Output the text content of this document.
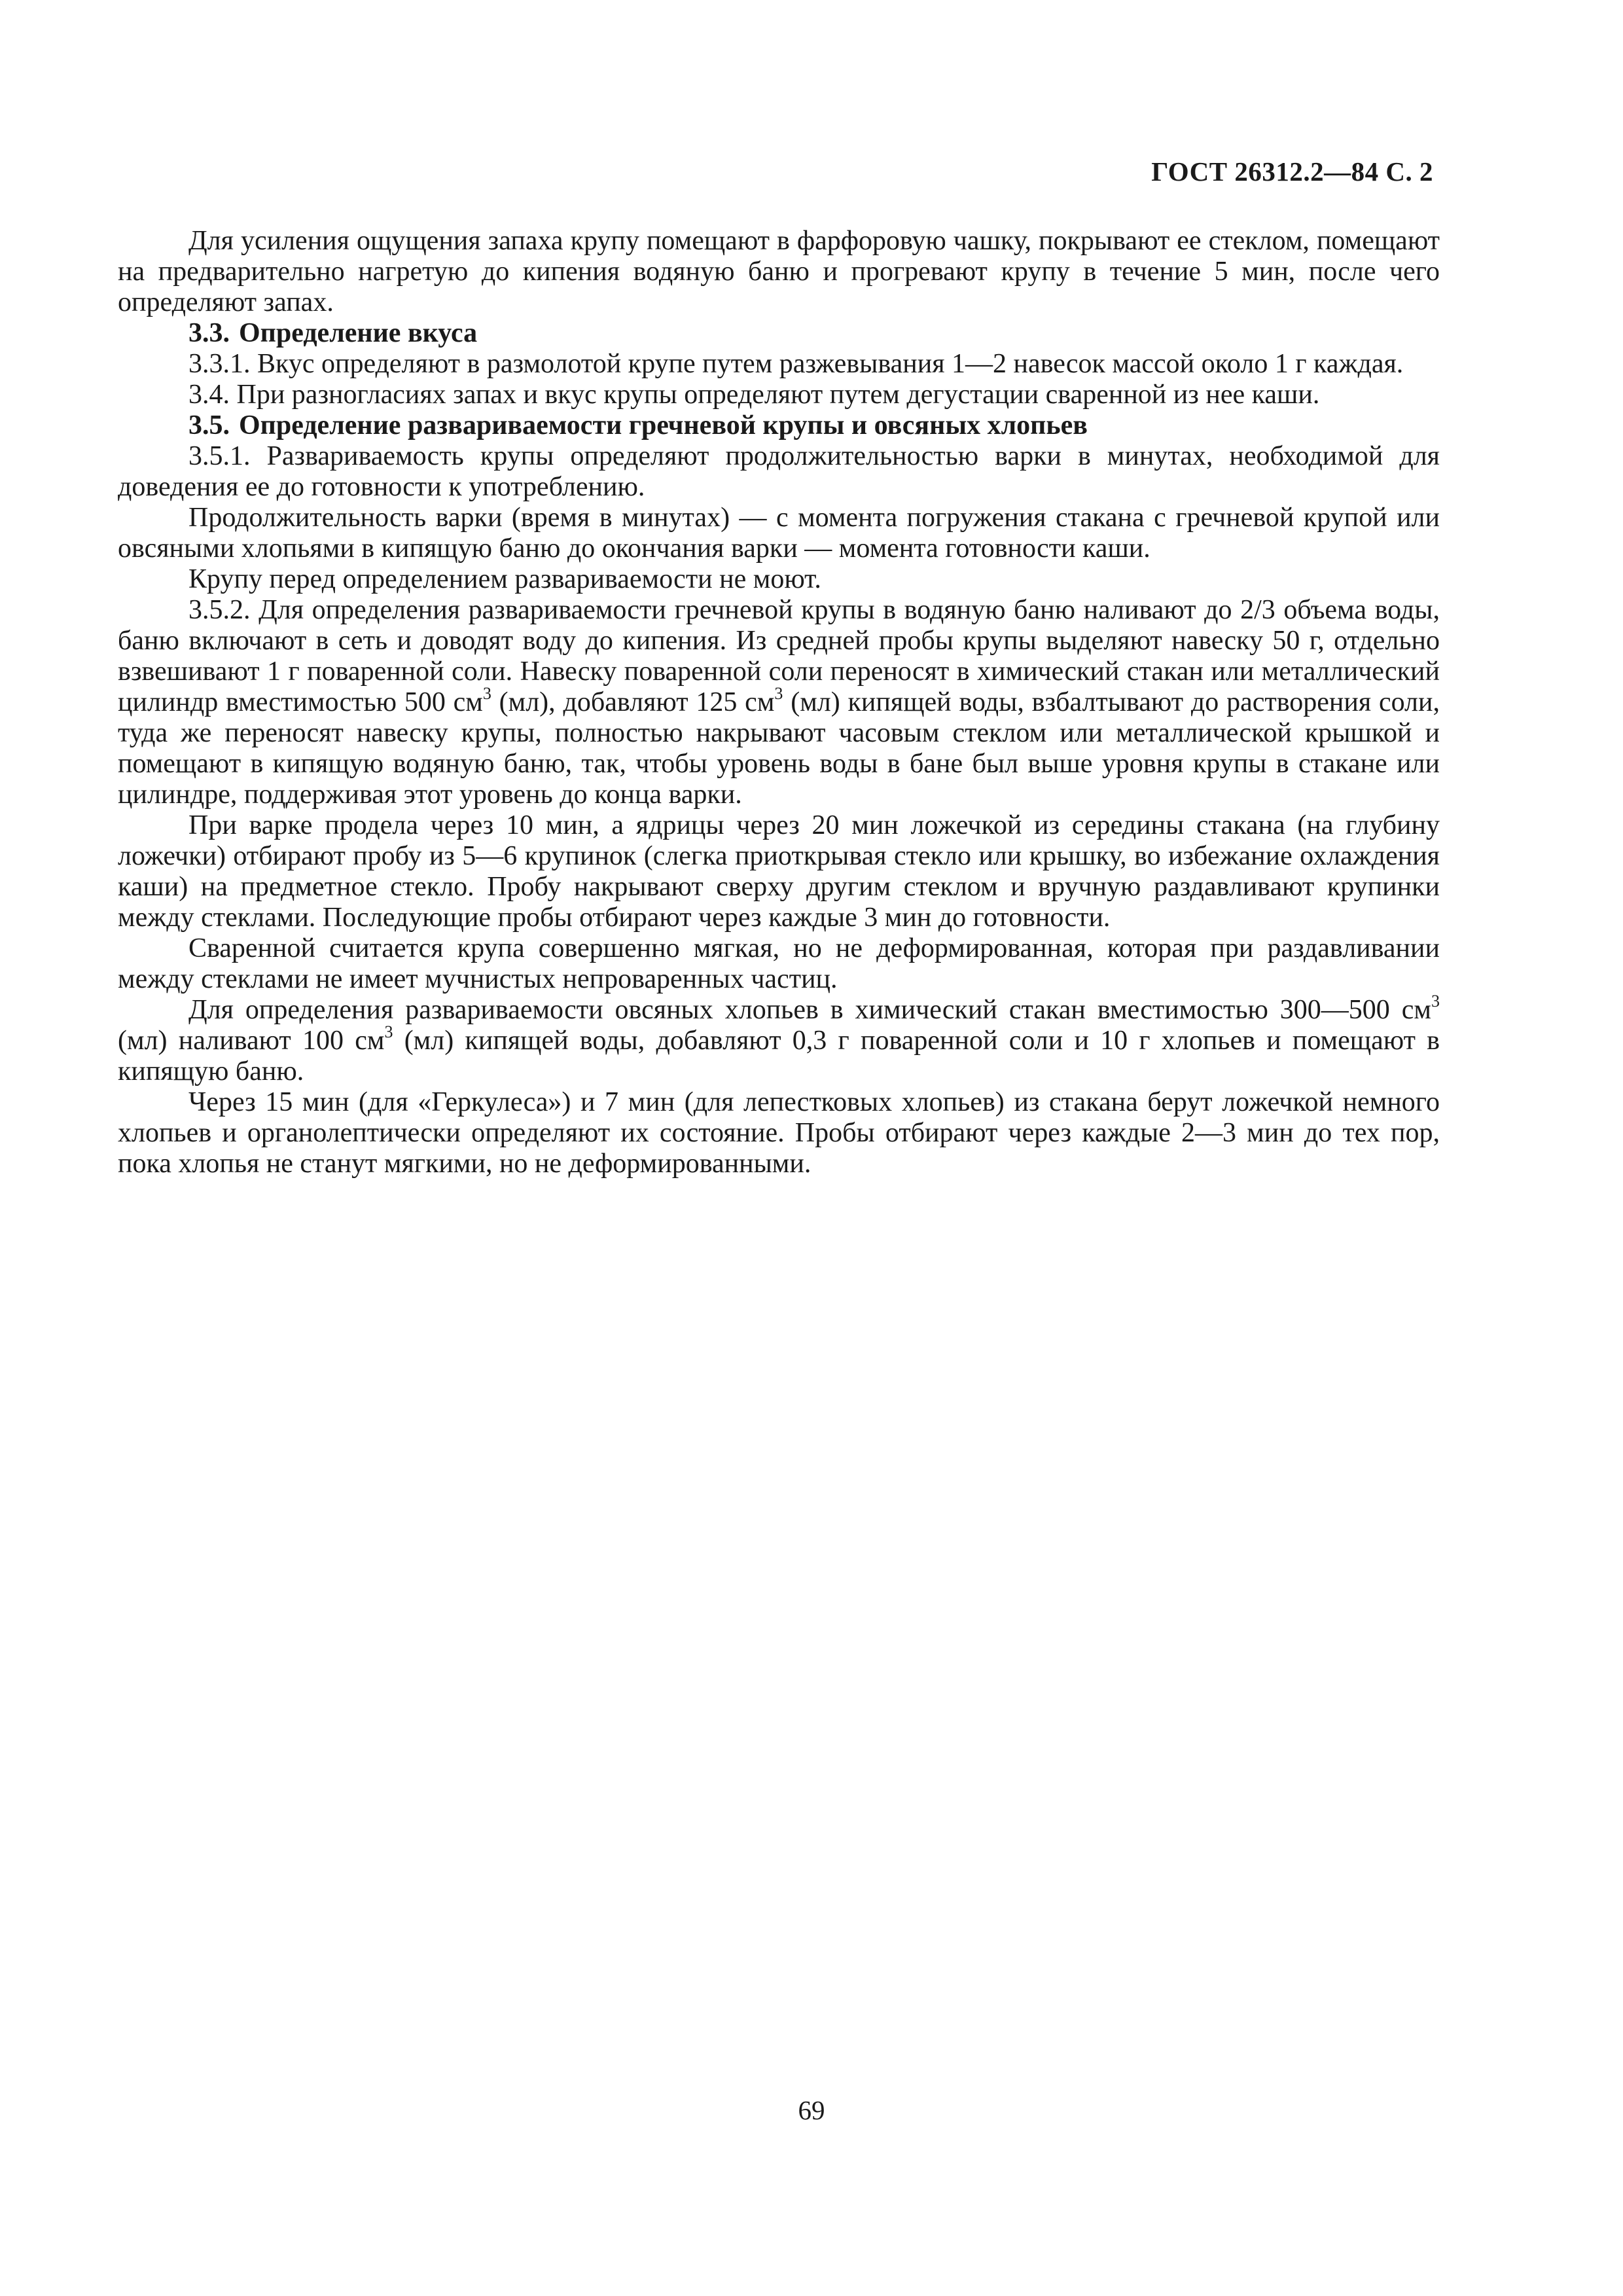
ГОСТ 26312.2—84 С. 2

Для усиления ощущения запаха крупу помещают в фарфоровую чашку, покрывают ее стеклом, помещают на предварительно нагретую до кипения водяную баню и прогревают крупу в течение 5 мин, после чего определяют запах.

3.3. Определение вкуса

3.3.1. Вкус определяют в размолотой крупе путем разжевывания 1—2 навесок массой около 1 г каждая.

3.4. При разногласиях запах и вкус крупы определяют путем дегустации сваренной из нее каши.

3.5. Определение развариваемости гречневой крупы и овсяных хлопьев

3.5.1. Развариваемость крупы определяют продолжительностью варки в минутах, необходимой для доведения ее до готовности к употреблению.

Продолжительность варки (время в минутах) — с момента погружения стакана с гречневой крупой или овсяными хлопьями в кипящую баню до окончания варки — момента готовности каши.

Крупу перед определением развариваемости не моют.

3.5.2. Для определения развариваемости гречневой крупы в водяную баню наливают до 2/3 объема воды, баню включают в сеть и доводят воду до кипения. Из средней пробы крупы выделяют навеску 50 г, отдельно взвешивают 1 г поваренной соли. Навеску поваренной соли переносят в химический стакан или металлический цилиндр вместимостью 500 $см^3$ (мл), добавляют 125 $см^3$ (мл) кипящей воды, взбалтывают до растворения соли, туда же переносят навеску крупы, полностью накрывают часовым стеклом или металлической крышкой и помещают в кипящую водяную баню, так, чтобы уровень воды в бане был выше уровня крупы в стакане или цилиндре, поддерживая этот уровень до конца варки.

При варке продела через 10 мин, а ядрицы через 20 мин ложечкой из середины стакана (на глубину ложечки) отбирают пробу из 5—6 крупинок (слегка приоткрывая стекло или крышку, во избежание охлаждения каши) на предметное стекло. Пробу накрывают сверху другим стеклом и вручную раздавливают крупинки между стеклами. Последующие пробы отбирают через каждые 3 мин до готовности.

Сваренной считается крупа совершенно мягкая, но не деформированная, которая при раздавливании между стеклами не имеет мучнистых непроваренных частиц.

Для определения развариваемости овсяных хлопьев в химический стакан вместимостью 300—500 $см^3$ (мл) наливают 100 $см^3$ (мл) кипящей воды, добавляют 0,3 г поваренной соли и 10 г хлопьев и помещают в кипящую баню.

Через 15 мин (для «Геркулеса») и 7 мин (для лепестковых хлопьев) из стакана берут ложечкой немного хлопьев и органолептически определяют их состояние. Пробы отбирают через каждые 2—3 мин до тех пор, пока хлопья не станут мягкими, но не деформированными.

69
